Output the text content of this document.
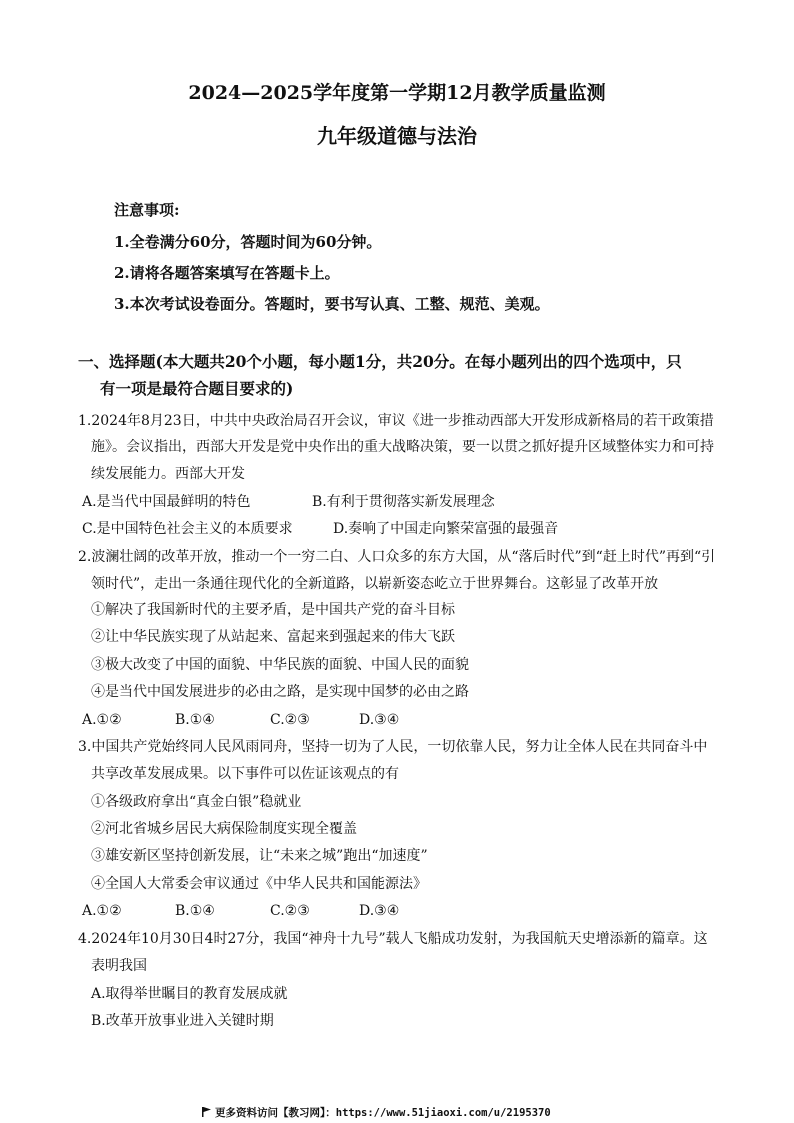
2024—2025学年度第一学期12月教学质量监测
九年级道德与法治
注意事项:
1.全卷满分60分，答题时间为60分钟。
2.请将各题答案填写在答题卡上。
3.本次考试设卷面分。答题时，要书写认真、工整、规范、美观。
一、选择题(本大题共20个小题，每小题1分，共20分。在每小题列出的四个选项中，只
有一项是最符合题目要求的)
1.2024年8月23日，中共中央政治局召开会议，审议《进一步推动西部大开发形成新格局的若干政策措
施》。会议指出，西部大开发是党中央作出的重大战略决策，要一以贯之抓好提升区域整体实力和可持
续发展能力。西部大开发
A.是当代中国最鲜明的特色	B.有利于贯彻落实新发展理念
C.是中国特色社会主义的本质要求	D.奏响了中国走向繁荣富强的最强音
2.波澜壮阔的改革开放，推动一个一穷二白、人口众多的东方大国，从“落后时代”到“赶上时代”再到“引
领时代”，走出一条通往现代化的全新道路，以崭新姿态屹立于世界舞台。这彰显了改革开放
①解决了我国新时代的主要矛盾，是中国共产党的奋斗目标
②让中华民族实现了从站起来、富起来到强起来的伟大飞跃
③极大改变了中国的面貌、中华民族的面貌、中国人民的面貌
④是当代中国发展进步的必由之路，是实现中国梦的必由之路
A.①②	B.①④	C.②③	D.③④
3.中国共产党始终同人民风雨同舟，坚持一切为了人民，一切依靠人民，努力让全体人民在共同奋斗中
共享改革发展成果。以下事件可以佐证该观点的有
①各级政府拿出“真金白银”稳就业
②河北省城乡居民大病保险制度实现全覆盖
③雄安新区坚持创新发展，让“未来之城”跑出“加速度”
④全国人大常委会审议通过《中华人民共和国能源法》
A.①②	B.①④	C.②③	D.③④
4.2024年10月30日4时27分，我国“神舟十九号”载人飞船成功发射，为我国航天史增添新的篇章。这
表明我国
A.取得举世瞩目的教育发展成就
B.改革开放事业进入关键时期
更多资料访问【教习网】：https://www.51jiaoxi.com/u/2195370
